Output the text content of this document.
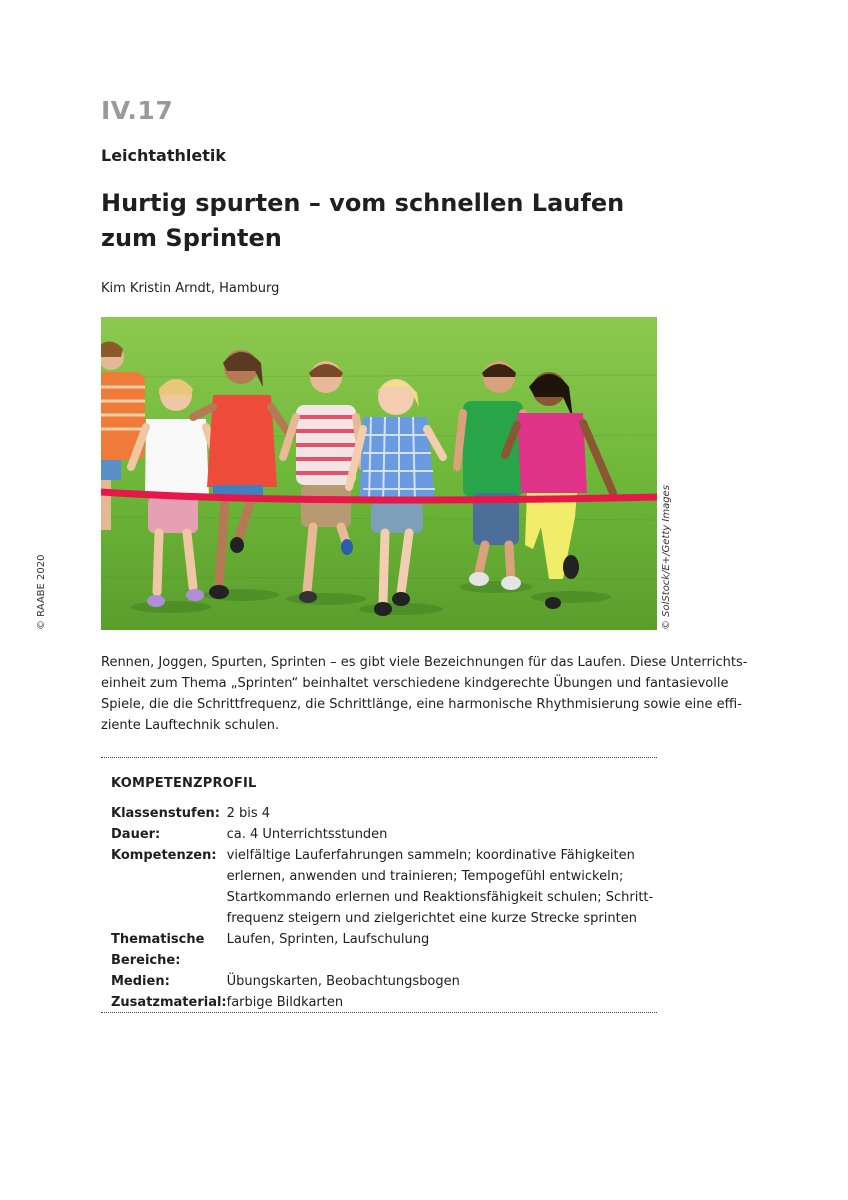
IV.17
Leichtathletik
Hurtig spurten – vom schnellen Laufen zum Sprinten
Kim Kristin Arndt, Hamburg
© SolStock/E+/Getty Images
© RAABE 2020

Rennen, Joggen, Spurten, Sprinten – es gibt viele Bezeichnungen für das Laufen. Diese Unterrichts-
einheit zum Thema „Sprinten“ beinhaltet verschiedene kindgerechte Übungen und fantasievolle
Spiele, die die Schrittfrequenz, die Schrittlänge, eine harmonische Rhythmisierung sowie eine effi-
ziente Lauftechnik schulen.

KOMPETENZPROFIL
Klassenstufen:	2 bis 4

Dauer:	ca. 4 Unterrichtsstunden

Kompetenzen:	vielfältige Lauferfahrungen sammeln; koordinative Fähigkeiten
erlernen, anwenden und trainieren; Tempogefühl entwickeln;
Startkommando erlernen und Reaktionsfähigkeit schulen; Schritt-
frequenz steigern und zielgerichtet eine kurze Strecke sprinten

Thematische Bereiche:	Laufen, Sprinten, Laufschulung

Medien:	Übungskarten, Beobachtungsbogen

Zusatzmaterial:	farbige Bildkarten
